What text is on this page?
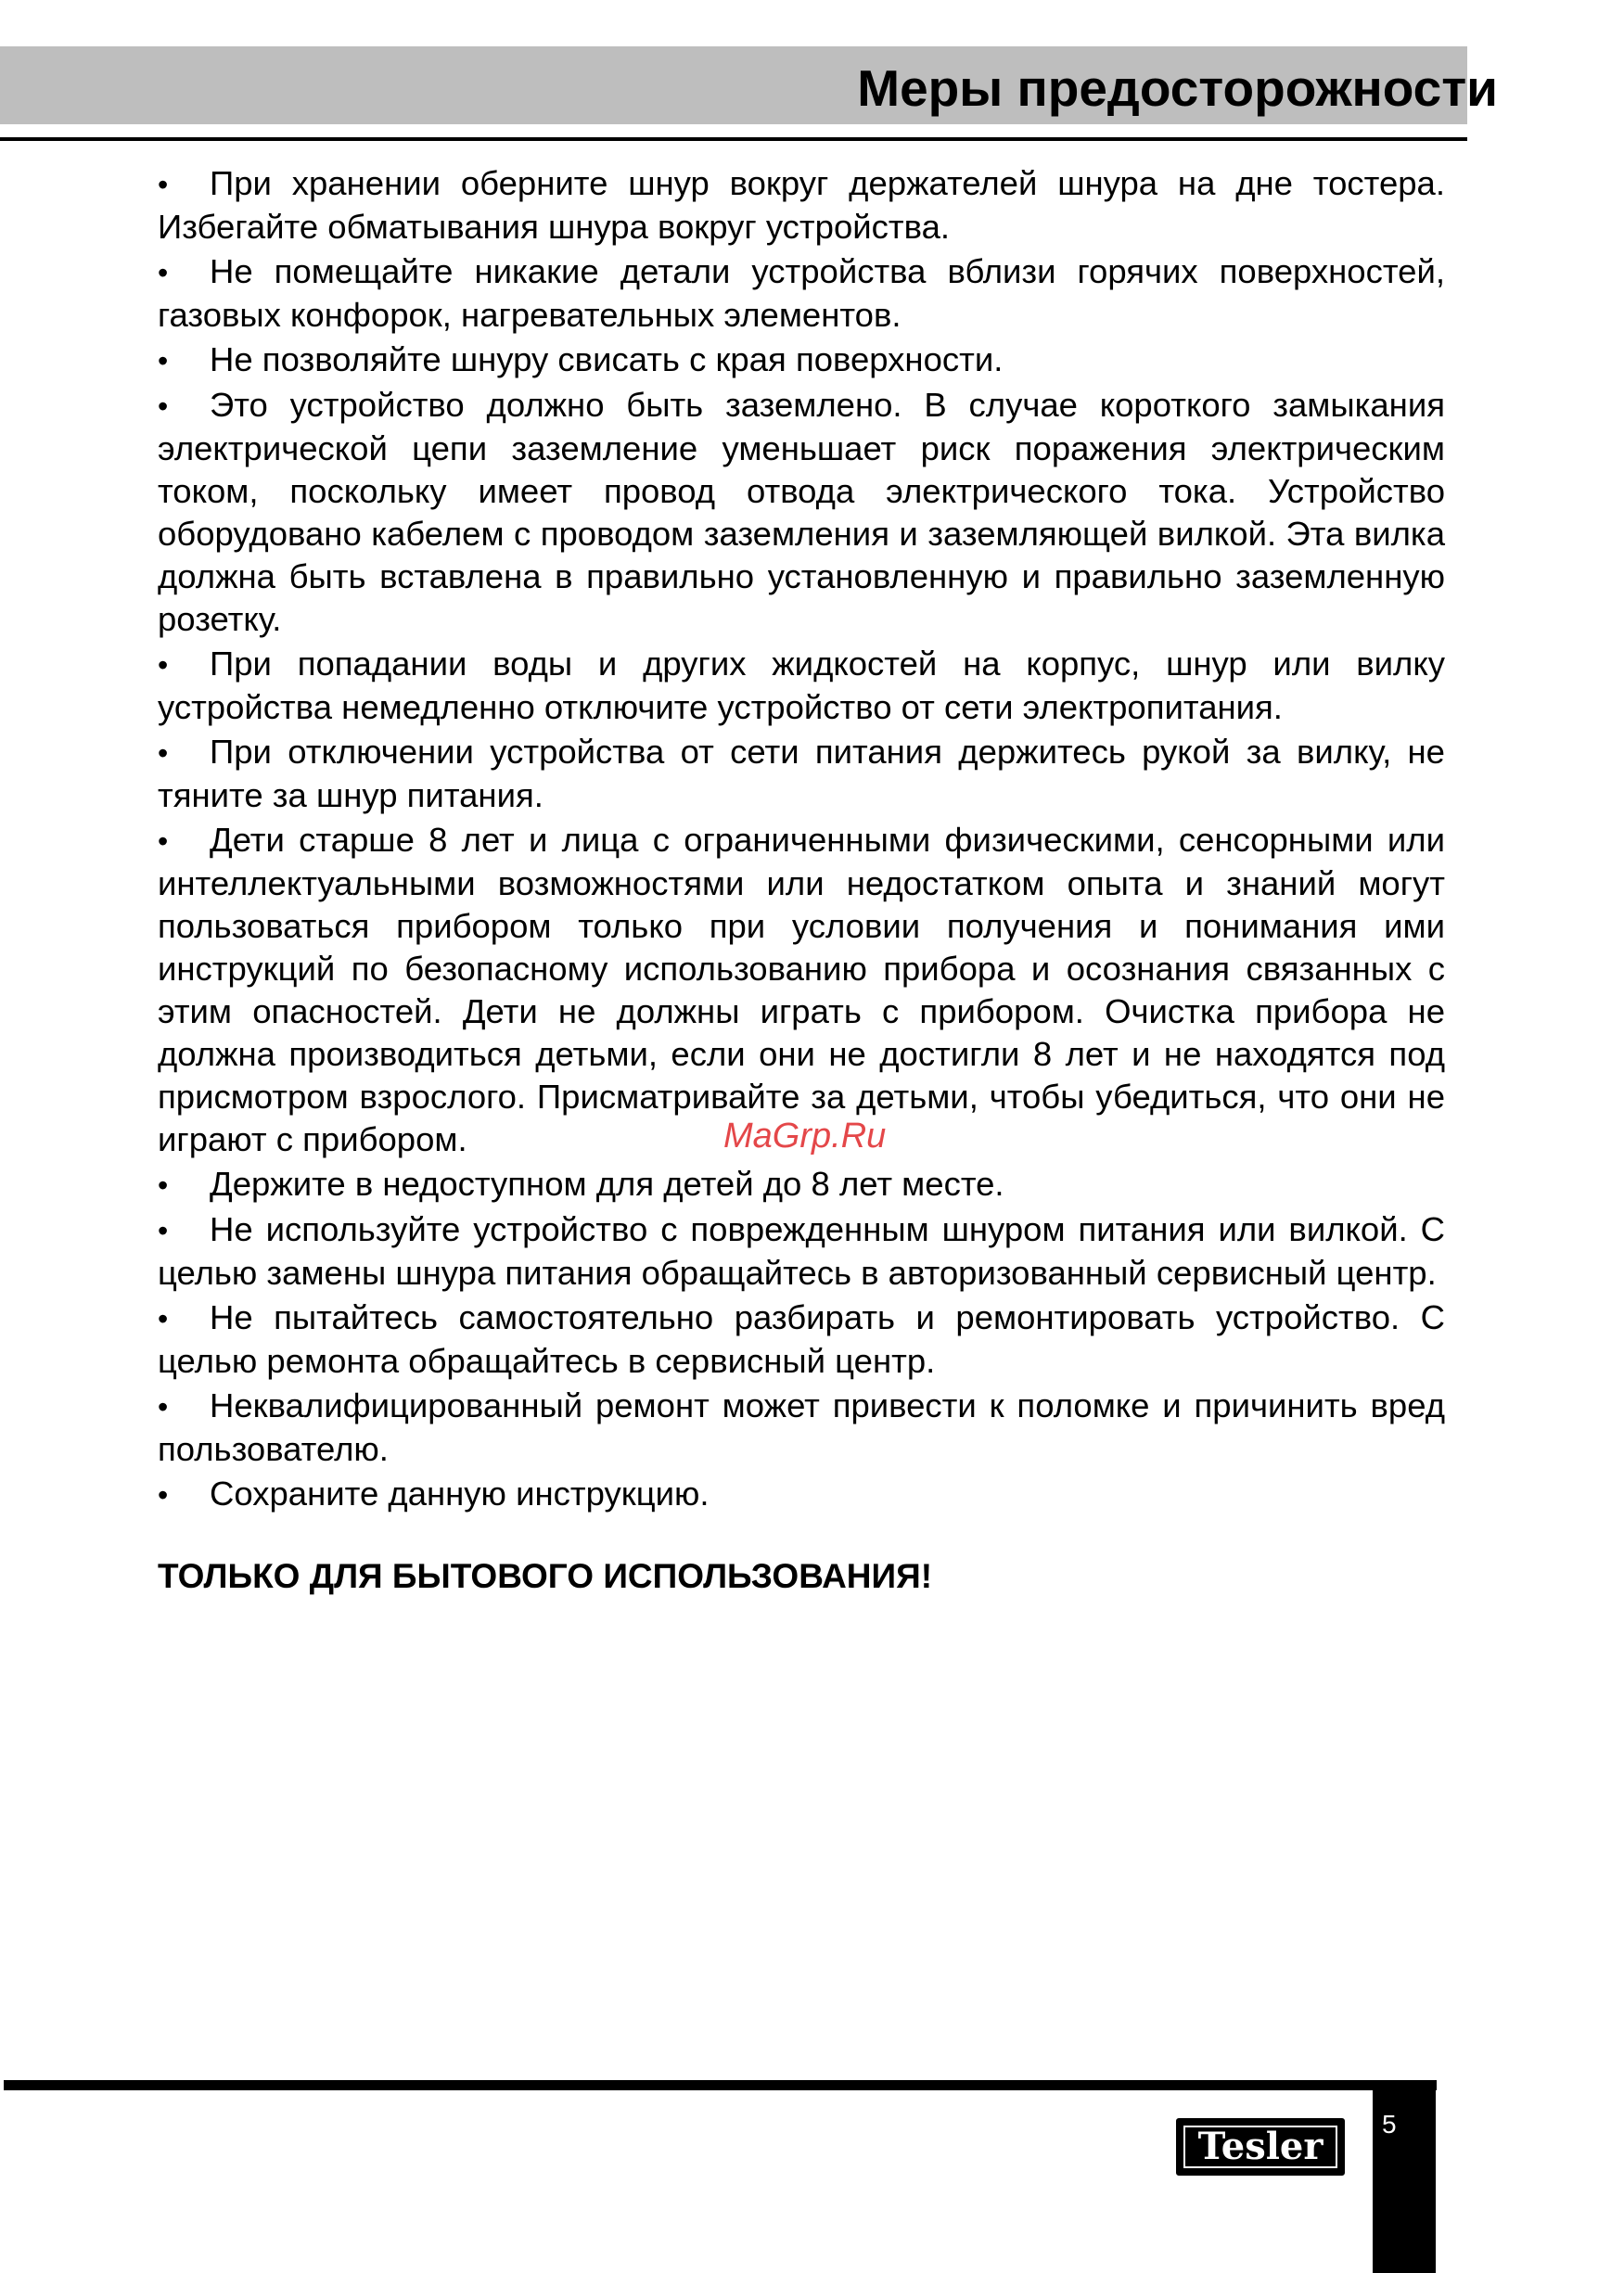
Меры предосторожности

• При хранении оберните шнур вокруг держателей шнура на дне тостера. Избегайте обматывания шнура вокруг устройства.

• Не помещайте никакие детали устройства вблизи горячих поверхностей, газовых конфорок, нагревательных элементов.

• Не позволяйте шнуру свисать с края поверхности.

• Это устройство должно быть заземлено. В случае короткого замыкания электрической цепи заземление уменьшает риск поражения электрическим током, поскольку имеет провод отвода электрического тока. Устройство оборудовано кабелем с проводом заземления и заземляющей вилкой. Эта вилка должна быть вставлена в правильно установленную и правильно заземленную розетку.

• При попадании воды и других жидкостей на корпус, шнур или вилку устройства немедленно отключите устройство от сети электропитания.

• При отключении устройства от сети питания держитесь рукой за вилку, не тяните за шнур питания.

• Дети старше 8 лет и лица с ограниченными физическими, сенсорными или интеллектуальными возможностями или недостатком опыта и знаний могут пользоваться прибором только при условии получения и понимания ими инструкций по безопасному использованию прибора и осознания связанных с этим опасностей. Дети не должны играть с прибором. Очистка прибора не должна производиться детьми, если они не достигли 8 лет и не находятся под присмотром взрослого. Присматривайте за детьми, чтобы убедиться, что они не играют с прибором.

• Держите в недоступном для детей до 8 лет месте.

• Не используйте устройство с поврежденным шнуром питания или вилкой. С целью замены шнура питания обращайтесь в авторизованный сервисный центр.

• Не пытайтесь самостоятельно разбирать и ремонтировать устройство. С целью ремонта обращайтесь в сервисный центр.

• Неквалифицированный ремонт может привести к поломке и причинить вред пользователю.

• Сохраните данную инструкцию.

ТОЛЬКО ДЛЯ БЫТОВОГО ИСПОЛЬЗОВАНИЯ!
MaGrp.Ru
5
Tesler
